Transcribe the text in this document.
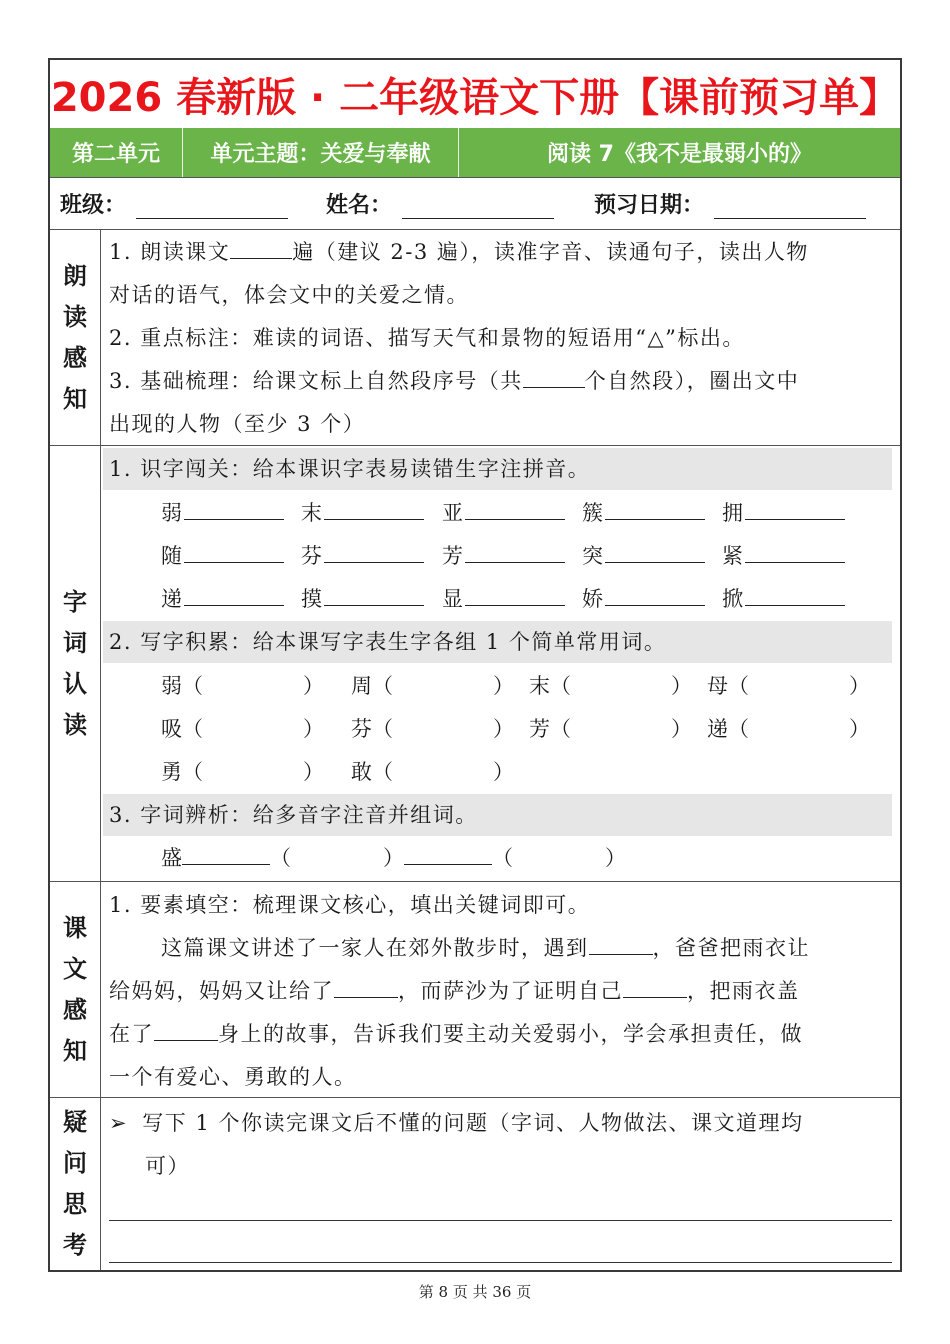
2026 春新版 · 二年级语文下册【课前预习单】
第二单元	单元主题：关爱与奉献	阅读 7《我不是最弱小的》
班级：	姓名：	预习日期：
朗
读
感
知
1. 朗读课文	遍（建议 2-3 遍），读准字音、读通句子，读出人物
对话的语气，体会文中的关爱之情。
2. 重点标注：难读的词语、描写天气和景物的短语用“△”标出。
3. 基础梳理：给课文标上自然段序号（共	个自然段），圈出文中
出现的人物（至少 3 个）
字
词
认
读
1. 识字闯关：给本课识字表易读错生字注拼音。
弱	末	亚	簇	拥
随	芬	芳	突	紧
递	摸	显	娇	掀
2. 写字积累：给本课写字表生字各组 1 个简单常用词。
弱（	） 周（	） 末（	） 母（	）
吸（	） 芬（	） 芳（	） 递（	）
勇（	） 敢（	）
3. 字词辨析：给多音字注音并组词。
盛	（	）	（	）
课
文
感
知
1. 要素填空：梳理课文核心，填出关键词即可。
这篇课文讲述了一家人在郊外散步时，遇到	，爸爸把雨衣让
给妈妈，妈妈又让给了	，而萨沙为了证明自己	，把雨衣盖
在了	身上的故事，告诉我们要主动关爱弱小，学会承担责任，做
一个有爱心、勇敢的人。
疑
问
思
考
➢ 写下 1 个你读完课文后不懂的问题（字词、人物做法、课文道理均
可）
第 8 页 共 36 页
